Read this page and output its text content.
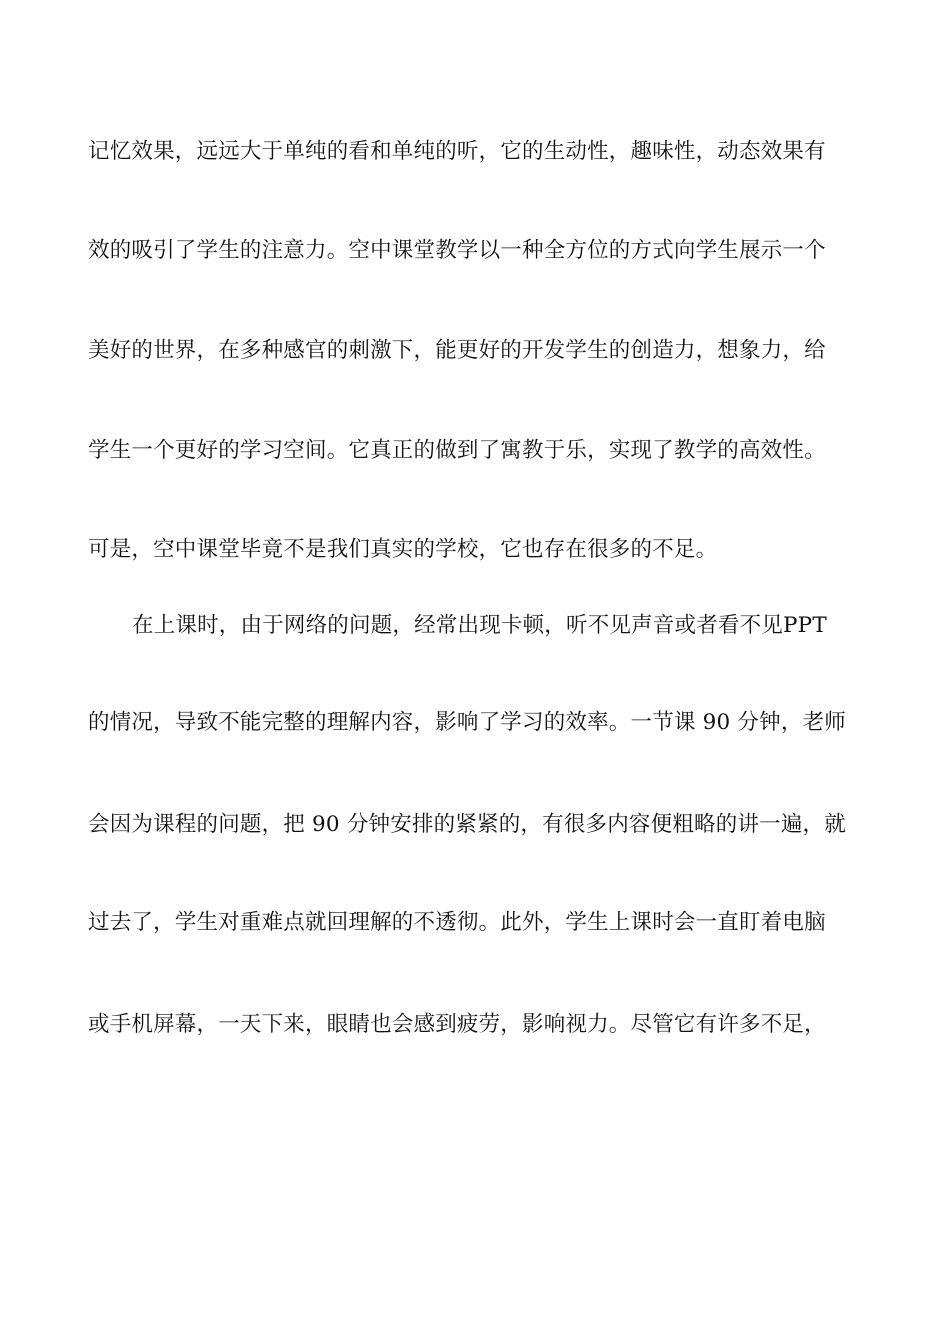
记忆效果，远远大于单纯的看和单纯的听，它的生动性，趣味性，动态效果有
效的吸引了学生的注意力。空中课堂教学以一种全方位的方式向学生展示一个
美好的世界，在多种感官的刺激下，能更好的开发学生的创造力，想象力，给
学生一个更好的学习空间。它真正的做到了寓教于乐，实现了教学的高效性。
可是，空中课堂毕竟不是我们真实的学校，它也存在很多的不足。
在上课时，由于网络的问题，经常出现卡顿，听不见声音或者看不见PPT
的情况，导致不能完整的理解内容，影响了学习的效率。一节课 90 分钟，老师
会因为课程的问题，把 90 分钟安排的紧紧的，有很多内容便粗略的讲一遍，就
过去了，学生对重难点就回理解的不透彻。此外，学生上课时会一直盯着电脑
或手机屏幕，一天下来，眼睛也会感到疲劳，影响视力。尽管它有许多不足，
